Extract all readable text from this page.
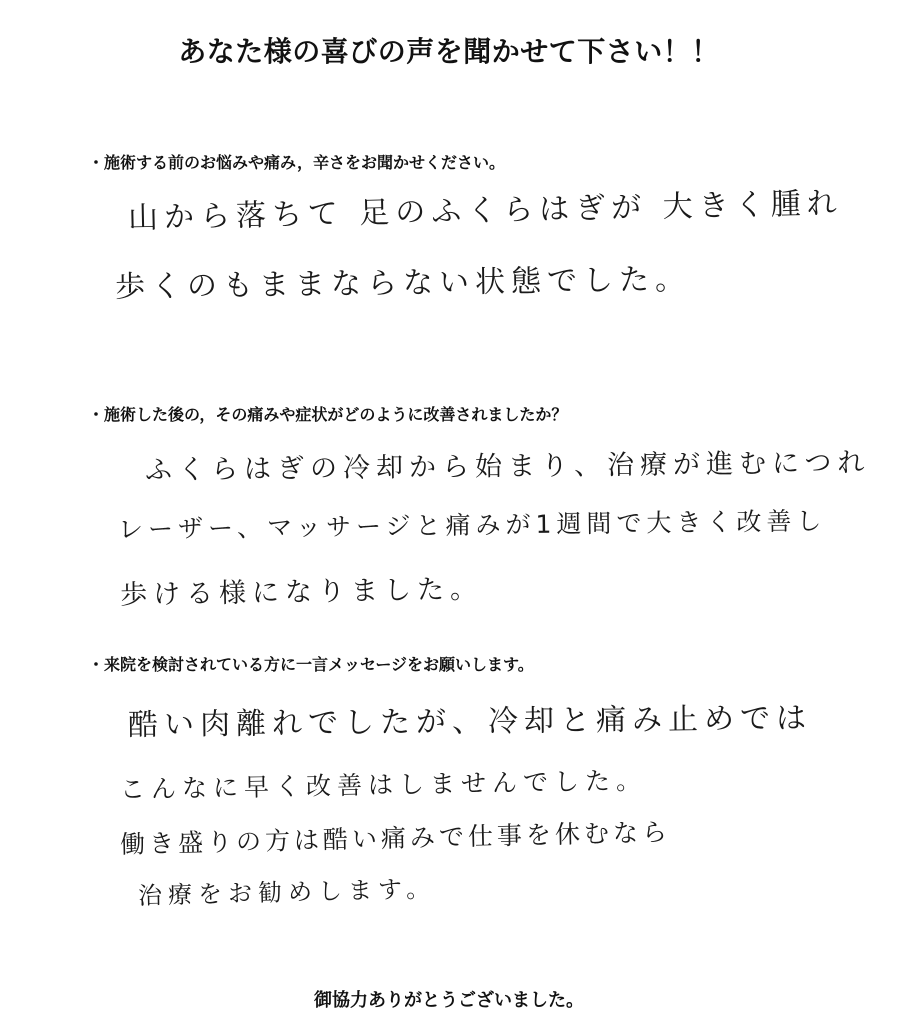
あなた様の喜びの声を聞かせて下さい！！
・施術する前のお悩みや痛み，辛さをお聞かせください。
山から落ちて 足のふくらはぎが 大きく腫れ
歩くのもままならない状態でした。
・施術した後の，その痛みや症状がどのように改善されましたか？
ふくらはぎの冷却から始まり、治療が進むにつれ
レーザー、マッサージと痛みが1週間で大きく改善し
歩ける様になりました。
・来院を検討されている方に一言メッセージをお願いします。
酷い肉離れでしたが、冷却と痛み止めでは
こんなに早く改善はしませんでした。
働き盛りの方は酷い痛みで仕事を休むなら
治療をお勧めします。
御協力ありがとうございました。
